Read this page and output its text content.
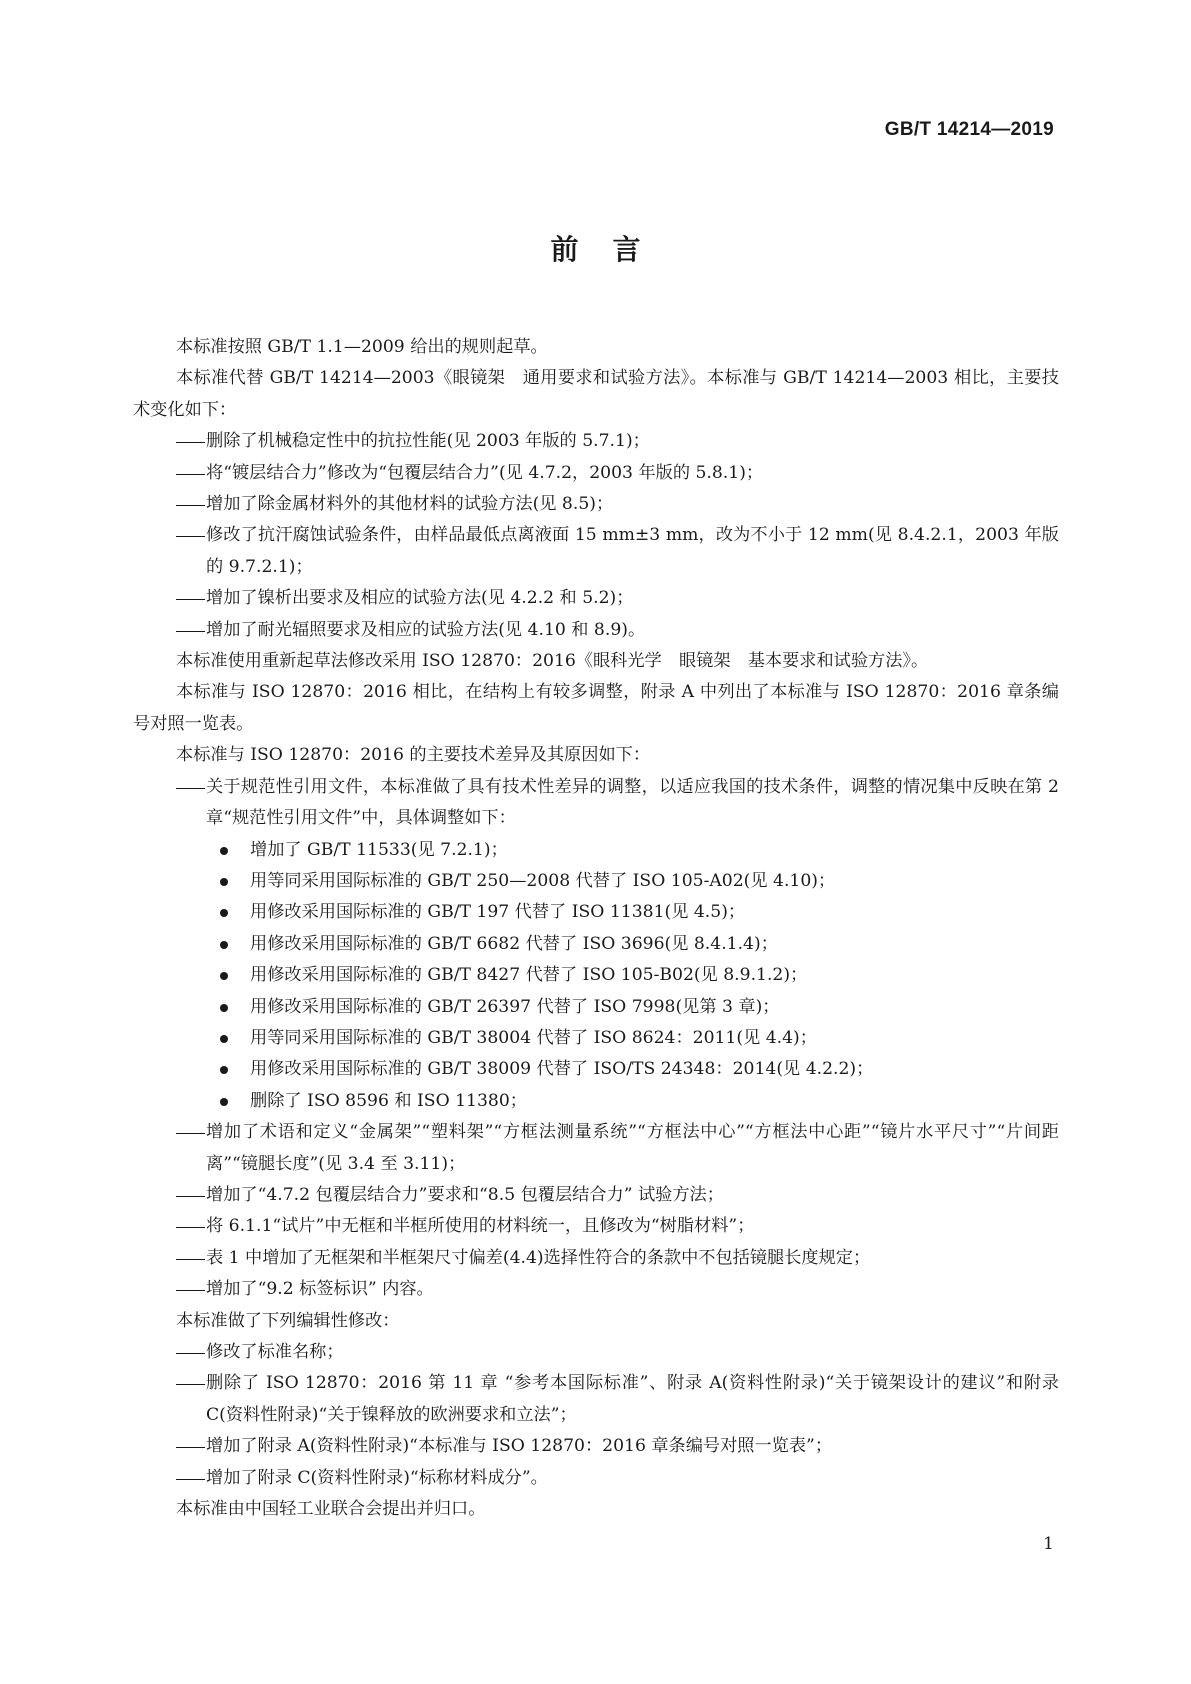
GB/T 14214—2019
前言

本标准按照 GB/T 1.1—2009 给出的规则起草。

本标准代替 GB/T 14214—2003《眼镜架　通用要求和试验方法》。本标准与 GB/T 14214—2003 相比，主要技术变化如下：

删除了机械稳定性中的抗拉性能(见 2003 年版的 5.7.1)；

将“镀层结合力”修改为“包覆层结合力”(见 4.7.2，2003 年版的 5.8.1)；

增加了除金属材料外的其他材料的试验方法(见 8.5)；

修改了抗汗腐蚀试验条件，由样品最低点离液面 15 mm±3 mm，改为不小于 12 mm(见 8.4.2.1，2003 年版的 9.7.2.1)；

增加了镍析出要求及相应的试验方法(见 4.2.2 和 5.2)；

增加了耐光辐照要求及相应的试验方法(见 4.10 和 8.9)。

本标准使用重新起草法修改采用 ISO 12870：2016《眼科光学　眼镜架　基本要求和试验方法》。

本标准与 ISO 12870：2016 相比，在结构上有较多调整，附录 A 中列出了本标准与 ISO 12870：2016 章条编号对照一览表。

本标准与 ISO 12870：2016 的主要技术差异及其原因如下：

关于规范性引用文件，本标准做了具有技术性差异的调整，以适应我国的技术条件，调整的情况集中反映在第 2 章“规范性引用文件”中，具体调整如下：

增加了 GB/T 11533(见 7.2.1)；

用等同采用国际标准的 GB/T 250—2008 代替了 ISO 105-A02(见 4.10)；

用修改采用国际标准的 GB/T 197 代替了 ISO 11381(见 4.5)；

用修改采用国际标准的 GB/T 6682 代替了 ISO 3696(见 8.4.1.4)；

用修改采用国际标准的 GB/T 8427 代替了 ISO 105-B02(见 8.9.1.2)；

用修改采用国际标准的 GB/T 26397 代替了 ISO 7998(见第 3 章)；

用等同采用国际标准的 GB/T 38004 代替了 ISO 8624：2011(见 4.4)；

用修改采用国际标准的 GB/T 38009 代替了 ISO/TS 24348：2014(见 4.2.2)；

删除了 ISO 8596 和 ISO 11380；

增加了术语和定义“金属架”“塑料架”“方框法测量系统”“方框法中心”“方框法中心距”“镜片水平尺寸”“片间距离”“镜腿长度”(见 3.4 至 3.11)；

增加了“4.7.2 包覆层结合力”要求和“8.5 包覆层结合力” 试验方法；

将 6.1.1“试片”中无框和半框所使用的材料统一，且修改为“树脂材料”；

表 1 中增加了无框架和半框架尺寸偏差(4.4)选择性符合的条款中不包括镜腿长度规定；

增加了“9.2 标签标识” 内容。

本标准做了下列编辑性修改：

修改了标准名称；

删除了 ISO 12870：2016 第 11 章 “参考本国际标准”、附录 A(资料性附录)“关于镜架设计的建议”和附录 C(资料性附录)“关于镍释放的欧洲要求和立法”；

增加了附录 A(资料性附录)“本标准与 ISO 12870：2016 章条编号对照一览表”；

增加了附录 C(资料性附录)“标称材料成分”。

本标准由中国轻工业联合会提出并归口。

1
